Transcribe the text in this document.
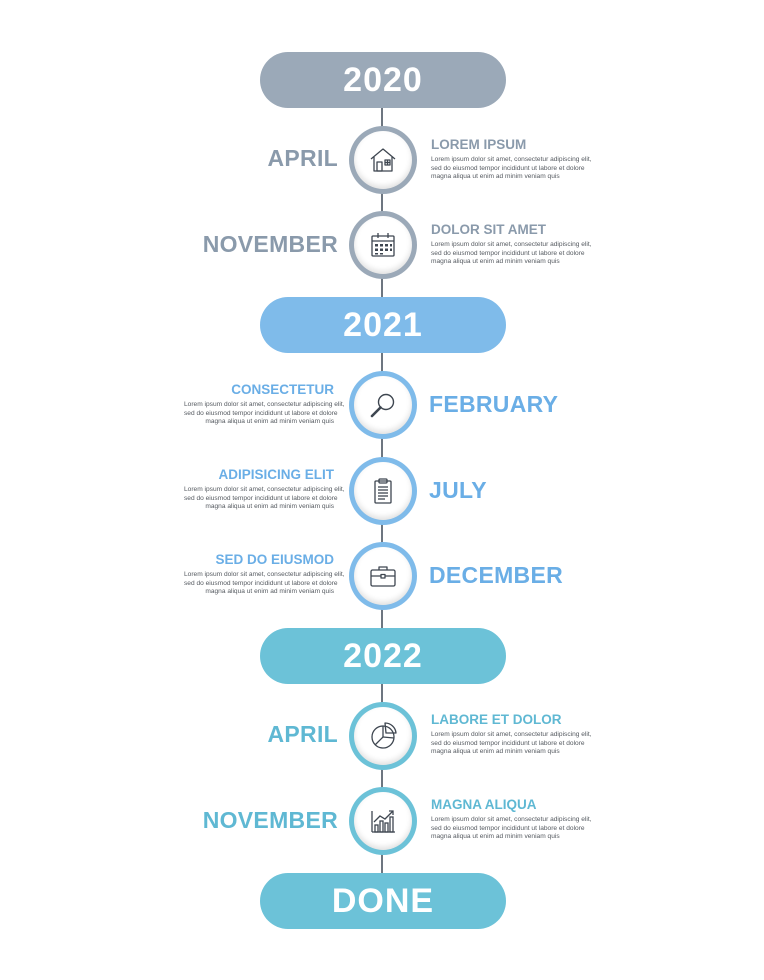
2020
2021
2022
DONE
APRIL
LOREM IPSUM
Lorem ipsum dolor sit amet, consectetur adipiscing elit,
sed do eiusmod tempor incididunt ut labore et dolore
magna aliqua ut enim ad minim veniam quis
NOVEMBER
DOLOR SIT AMET
Lorem ipsum dolor sit amet, consectetur adipiscing elit,
sed do eiusmod tempor incididunt ut labore et dolore
magna aliqua ut enim ad minim veniam quis
CONSECTETUR
Lorem ipsum dolor sit amet, consectetur adipiscing elit,
sed do eiusmod tempor incididunt ut labore et dolore
magna aliqua ut enim ad minim veniam quis
FEBRUARY
ADIPISICING ELIT
Lorem ipsum dolor sit amet, consectetur adipiscing elit,
sed do eiusmod tempor incididunt ut labore et dolore
magna aliqua ut enim ad minim veniam quis
JULY
SED DO EIUSMOD
Lorem ipsum dolor sit amet, consectetur adipiscing elit,
sed do eiusmod tempor incididunt ut labore et dolore
magna aliqua ut enim ad minim veniam quis
DECEMBER
APRIL
LABORE ET DOLOR
Lorem ipsum dolor sit amet, consectetur adipiscing elit,
sed do eiusmod tempor incididunt ut labore et dolore
magna aliqua ut enim ad minim veniam quis
NOVEMBER
MAGNA ALIQUA
Lorem ipsum dolor sit amet, consectetur adipiscing elit,
sed do eiusmod tempor incididunt ut labore et dolore
magna aliqua ut enim ad minim veniam quis
